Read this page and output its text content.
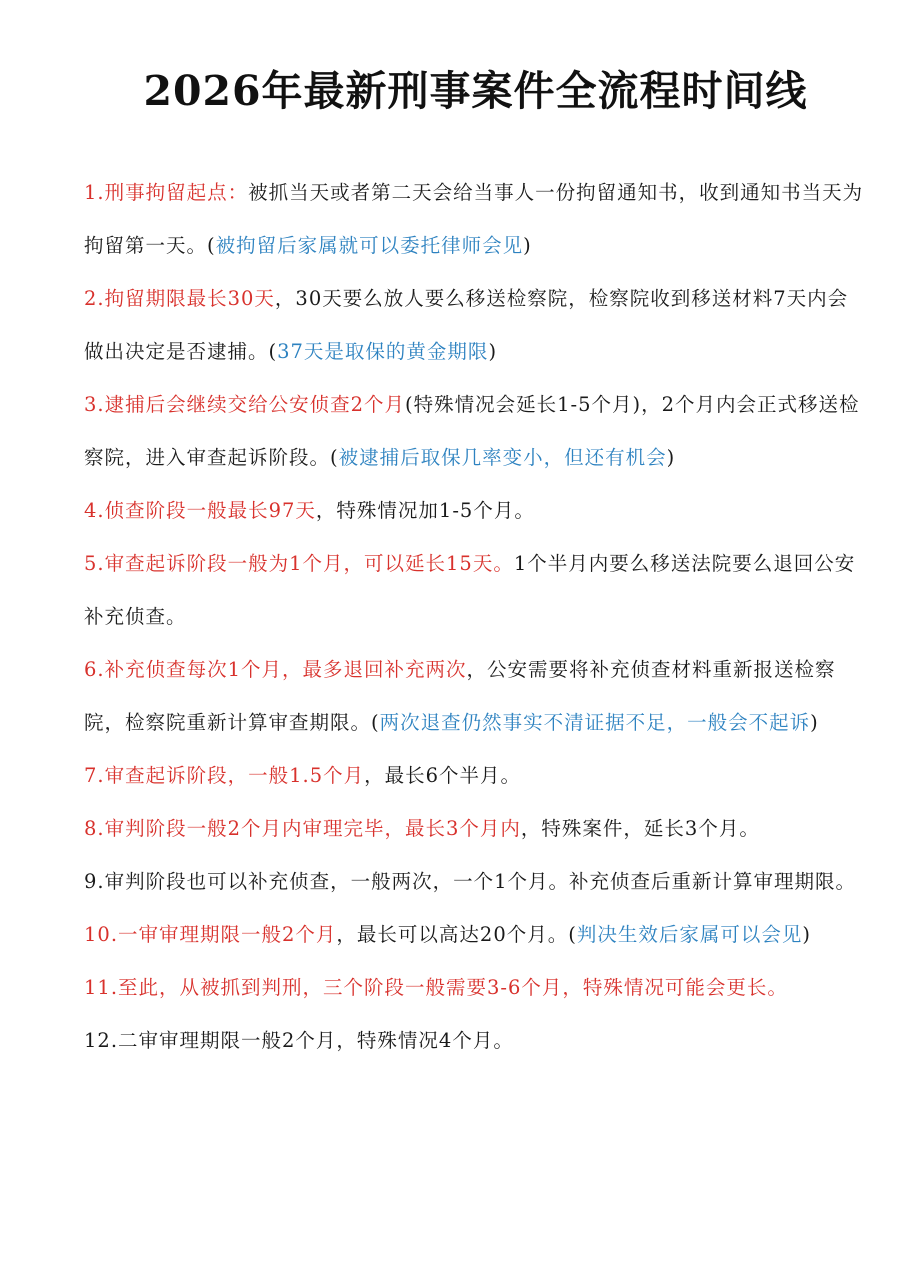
2026年最新刑事案件全流程时间线
1.刑事拘留起点：被抓当天或者第二天会给当事人一份拘留通知书，收到通知书当天为拘留第一天。(被拘留后家属就可以委托律师会见)
2.拘留期限最长30天，30天要么放人要么移送检察院，检察院收到移送材料7天内会做出决定是否逮捕。(37天是取保的黄金期限)
3.逮捕后会继续交给公安侦查2个月(特殊情况会延长1-5个月)，2个月内会正式移送检察院，进入审查起诉阶段。(被逮捕后取保几率变小，但还有机会)
4.侦查阶段一般最长97天，特殊情况加1-5个月。
5.审查起诉阶段一般为1个月，可以延长15天。1个半月内要么移送法院要么退回公安补充侦查。
6.补充侦查每次1个月，最多退回补充两次，公安需要将补充侦查材料重新报送检察院，检察院重新计算审查期限。(两次退查仍然事实不清证据不足，一般会不起诉)
7.审查起诉阶段，一般1.5个月，最长6个半月。
8.审判阶段一般2个月内审理完毕，最长3个月内，特殊案件，延长3个月。
9.审判阶段也可以补充侦查，一般两次，一个1个月。补充侦查后重新计算审理期限。
10.一审审理期限一般2个月，最长可以高达20个月。(判决生效后家属可以会见)
11.至此，从被抓到判刑，三个阶段一般需要3-6个月，特殊情况可能会更长。
12.二审审理期限一般2个月，特殊情况4个月。
